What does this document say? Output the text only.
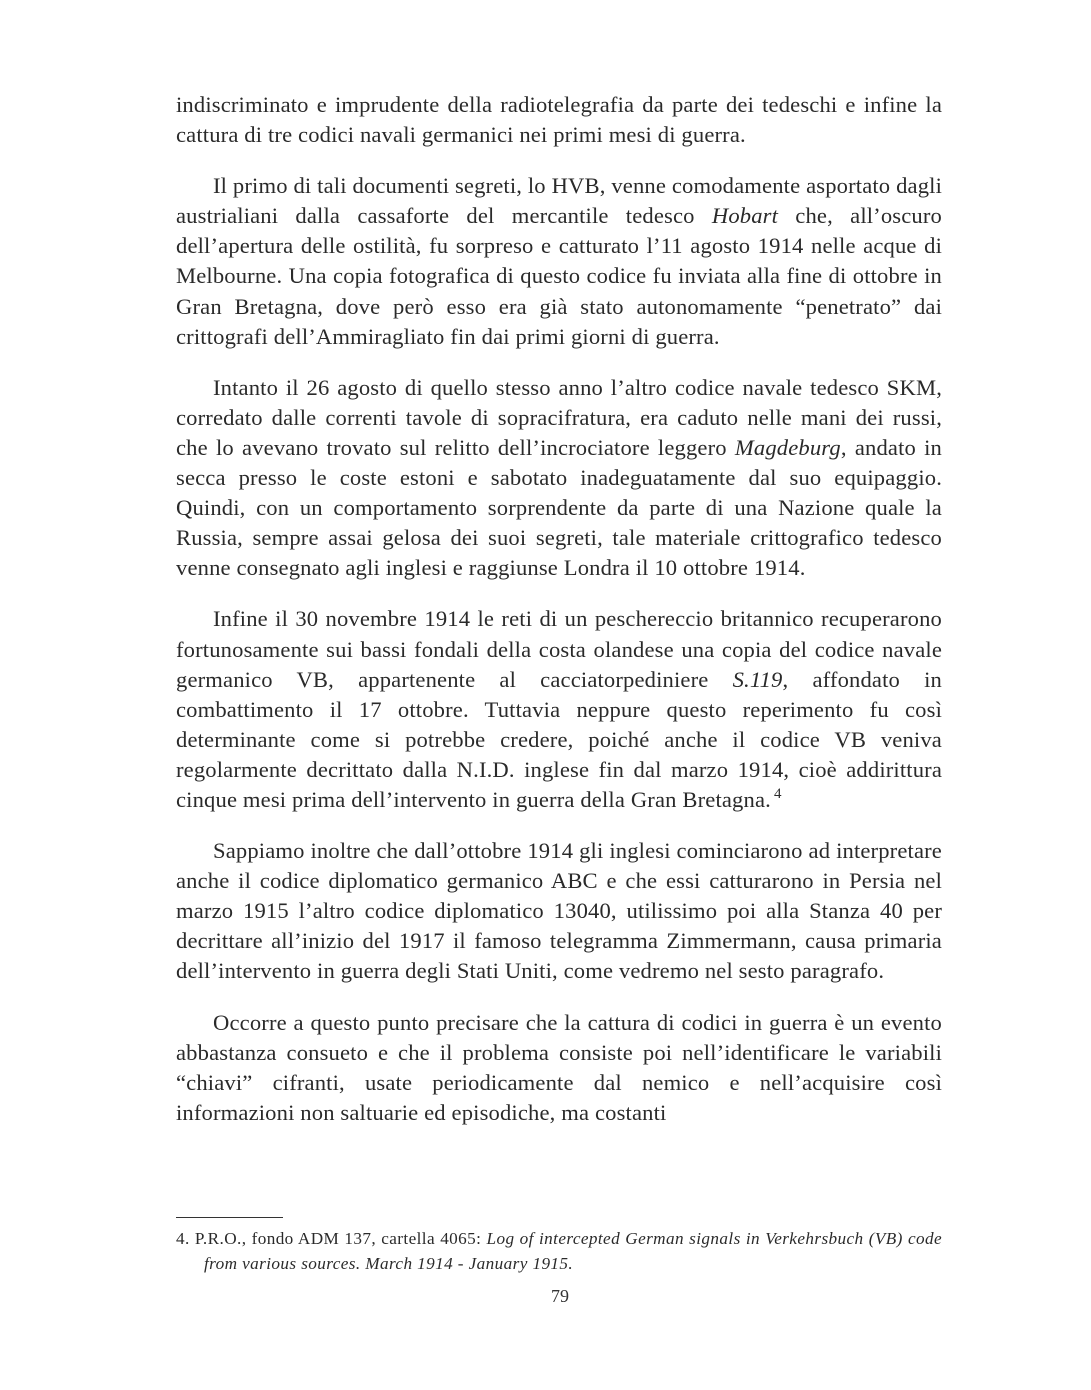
indiscriminato e imprudente della radiotelegrafia da parte dei tedeschi e infine la cattura di tre codici navali germanici nei primi mesi di guerra.

Il primo di tali documenti segreti, lo HVB, venne comodamente asportato dagli austrialiani dalla cassaforte del mercantile tedesco Hobart che, all’oscuro dell’apertura delle ostilità, fu sorpreso e catturato l’11 agosto 1914 nelle acque di Melbourne. Una copia fotografica di questo codice fu inviata alla fine di ottobre in Gran Bretagna, dove però esso era già stato autonomamente “penetrato” dai crittografi dell’Ammiragliato fin dai primi giorni di guerra.

Intanto il 26 agosto di quello stesso anno l’altro codice navale tedesco SKM, corredato dalle correnti tavole di sopracifratura, era caduto nelle mani dei russi, che lo avevano trovato sul relitto dell’incrociatore leggero Magdeburg, andato in secca presso le coste estoni e sabotato inadeguatamente dal suo equipaggio. Quindi, con un comportamento sorprendente da parte di una Nazione quale la Russia, sempre assai gelosa dei suoi segreti, tale materiale crittografico tedesco venne consegnato agli inglesi e raggiunse Londra il 10 ottobre 1914.

Infine il 30 novembre 1914 le reti di un peschereccio britannico recuperarono fortunosamente sui bassi fondali della costa olandese una copia del codice navale germanico VB, appartenente al cacciatorpediniere S.119, affondato in combattimento il 17 ottobre. Tuttavia neppure questo reperimento fu così determinante come si potrebbe credere, poiché anche il codice VB veniva regolarmente decrittato dalla N.I.D. inglese fin dal marzo 1914, cioè addirittura cinque mesi prima dell’intervento in guerra della Gran Bretagna. $^4$

Sappiamo inoltre che dall’ottobre 1914 gli inglesi cominciarono ad interpretare anche il codice diplomatico germanico ABC e che essi catturarono in Persia nel marzo 1915 l’altro codice diplomatico 13040, utilissimo poi alla Stanza 40 per decrittare all’inizio del 1917 il famoso telegramma Zimmermann, causa primaria dell’intervento in guerra degli Stati Uniti, come vedremo nel sesto paragrafo.

Occorre a questo punto precisare che la cattura di codici in guerra è un evento abbastanza consueto e che il problema consiste poi nell’identificare le variabili “chiavi” cifranti, usate periodicamente dal nemico e nell’acquisire così informazioni non saltuarie ed episodiche, ma costanti

4. P.R.O., fondo ADM 137, cartella 4065: Log of intercepted German signals in Verkehrsbuch (VB) code from various sources. March 1914 - January 1915.
79
